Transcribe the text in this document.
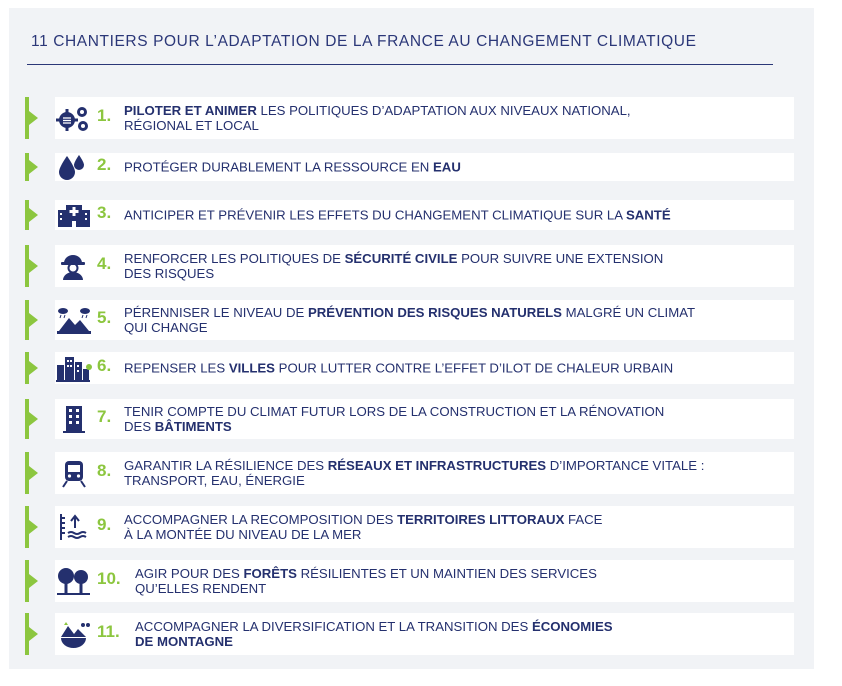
11 CHANTIERS POUR L’ADAPTATION DE LA FRANCE AU CHANGEMENT CLIMATIQUE
1. PILOTER ET ANIMER LES POLITIQUES D’ADAPTATION AUX NIVEAUX NATIONAL,
RÉGIONAL ET LOCAL
2. PROTÉGER DURABLEMENT LA RESSOURCE EN EAU
3. ANTICIPER ET PRÉVENIR LES EFFETS DU CHANGEMENT CLIMATIQUE SUR LA SANTÉ
4. RENFORCER LES POLITIQUES DE SÉCURITÉ CIVILE POUR SUIVRE UNE EXTENSION
DES RISQUES
5. PÉRENNISER LE NIVEAU DE PRÉVENTION DES RISQUES NATURELS MALGRÉ UN CLIMAT
QUI CHANGE
6. REPENSER LES VILLES POUR LUTTER CONTRE L’EFFET D’ILOT DE CHALEUR URBAIN
7. TENIR COMPTE DU CLIMAT FUTUR LORS DE LA CONSTRUCTION ET LA RÉNOVATION
DES BÂTIMENTS
8. GARANTIR LA RÉSILIENCE DES RÉSEAUX ET INFRASTRUCTURES D’IMPORTANCE VITALE :
TRANSPORT, EAU, ÉNERGIE
9. ACCOMPAGNER LA RECOMPOSITION DES TERRITOIRES LITTORAUX FACE
À LA MONTÉE DU NIVEAU DE LA MER
10. AGIR POUR DES FORÊTS RÉSILIENTES ET UN MAINTIEN DES SERVICES
QU’ELLES RENDENT
11. ACCOMPAGNER LA DIVERSIFICATION ET LA TRANSITION DES ÉCONOMIES
DE MONTAGNE
